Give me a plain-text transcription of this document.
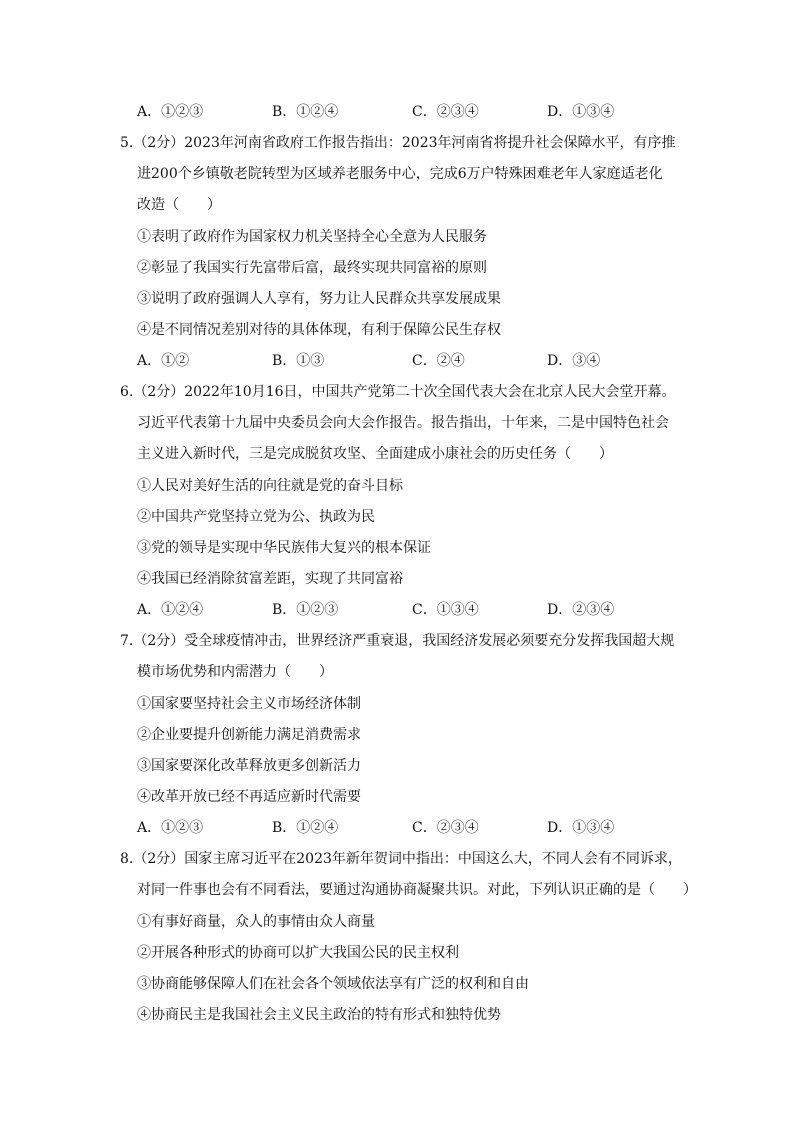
A．①②③	B．①②④	C．②③④	D．①③④
5.（2分）2023年河南省政府工作报告指出：2023年河南省将提升社会保障水平，有序推
进200个乡镇敬老院转型为区域养老服务中心，完成6万户特殊困难老年人家庭适老化
改造（　　）
①表明了政府作为国家权力机关坚持全心全意为人民服务
②彰显了我国实行先富带后富，最终实现共同富裕的原则
③说明了政府强调人人享有，努力让人民群众共享发展成果
④是不同情况差别对待的具体体现，有利于保障公民生存权
A．①②	B．①③	C．②④	D．③④
6.（2分）2022年10月16日，中国共产党第二十次全国代表大会在北京人民大会堂开幕。
习近平代表第十九届中央委员会向大会作报告。报告指出，十年来，二是中国特色社会
主义进入新时代，三是完成脱贫攻坚、全面建成小康社会的历史任务（　　）
①人民对美好生活的向往就是党的奋斗目标
②中国共产党坚持立党为公、执政为民
③党的领导是实现中华民族伟大复兴的根本保证
④我国已经消除贫富差距，实现了共同富裕
A．①②④	B．①②③	C．①③④	D．②③④
7.（2分）受全球疫情冲击，世界经济严重衰退，我国经济发展必须要充分发挥我国超大规
模市场优势和内需潜力（　　）
①国家要坚持社会主义市场经济体制
②企业要提升创新能力满足消费需求
③国家要深化改革释放更多创新活力
④改革开放已经不再适应新时代需要
A．①②③	B．①②④	C．②③④	D．①③④
8.（2分）国家主席习近平在2023年新年贺词中指出：中国这么大，不同人会有不同诉求，
对同一件事也会有不同看法，要通过沟通协商凝聚共识。对此，下列认识正确的是（　　）
①有事好商量，众人的事情由众人商量
②开展各种形式的协商可以扩大我国公民的民主权利
③协商能够保障人们在社会各个领域依法享有广泛的权利和自由
④协商民主是我国社会主义民主政治的特有形式和独特优势
